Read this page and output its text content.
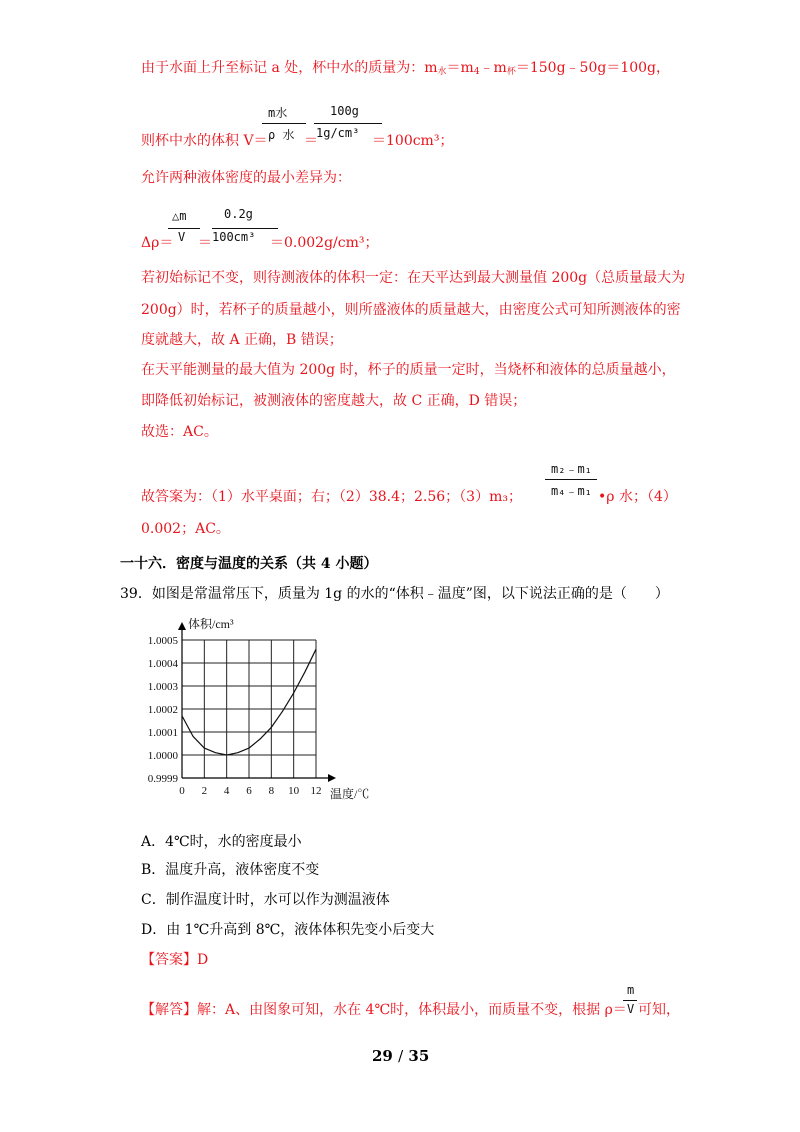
由于水面上升至标记 a 处，杯中水的质量为：$m_水=m_4﹣m_杯=150g﹣50g=100g$，
m水
ρ 水
100g
1g/cm³
则杯中水的体积 V＝	＝	＝100cm³；
允许两种液体密度的最小差异为：
△m
V
0.2g
100cm³
Δρ＝ ＝	＝0.002g/cm³；
若初始标记不变，则待测液体的体积一定：在天平达到最大测量值 200g（总质量最大为
200g）时，若杯子的质量越小，则所盛液体的质量越大，由密度公式可知所测液体的密
度就越大，故 A 正确，B 错误；
在天平能测量的最大值为 200g 时，杯子的质量一定时，当烧杯和液体的总质量越小，
即降低初始标记，被测液体的密度越大，故 C 正确，D 错误；
故选：AC。
m₂﹣m₁
m₄﹣m₁
故答案为：（1）水平桌面；右；（2）38.4；2.56；（3）m₃；	•ρ 水；（4）
0.002；AC。
一十六．密度与温度的关系（共 4 小题）
39．如图是常温常压下，质量为 1g 的水的“体积﹣温度”图，以下说法正确的是（　　）
0.9999
1.0000
1.0001
1.0002
1.0003
1.0004
1.0005
0 2 4 6 8 10 12
体积/cm³
温度/℃
A．4℃时，水的密度最小
B．温度升高，液体密度不变
C．制作温度计时，水可以作为测温液体
D．由 1℃升高到 8℃，液体体积先变小后变大
【答案】D
m
V
【解答】解：A、由图象可知，水在 4℃时，体积最小，而质量不变，根据 ρ＝ 可知，
29 / 35
